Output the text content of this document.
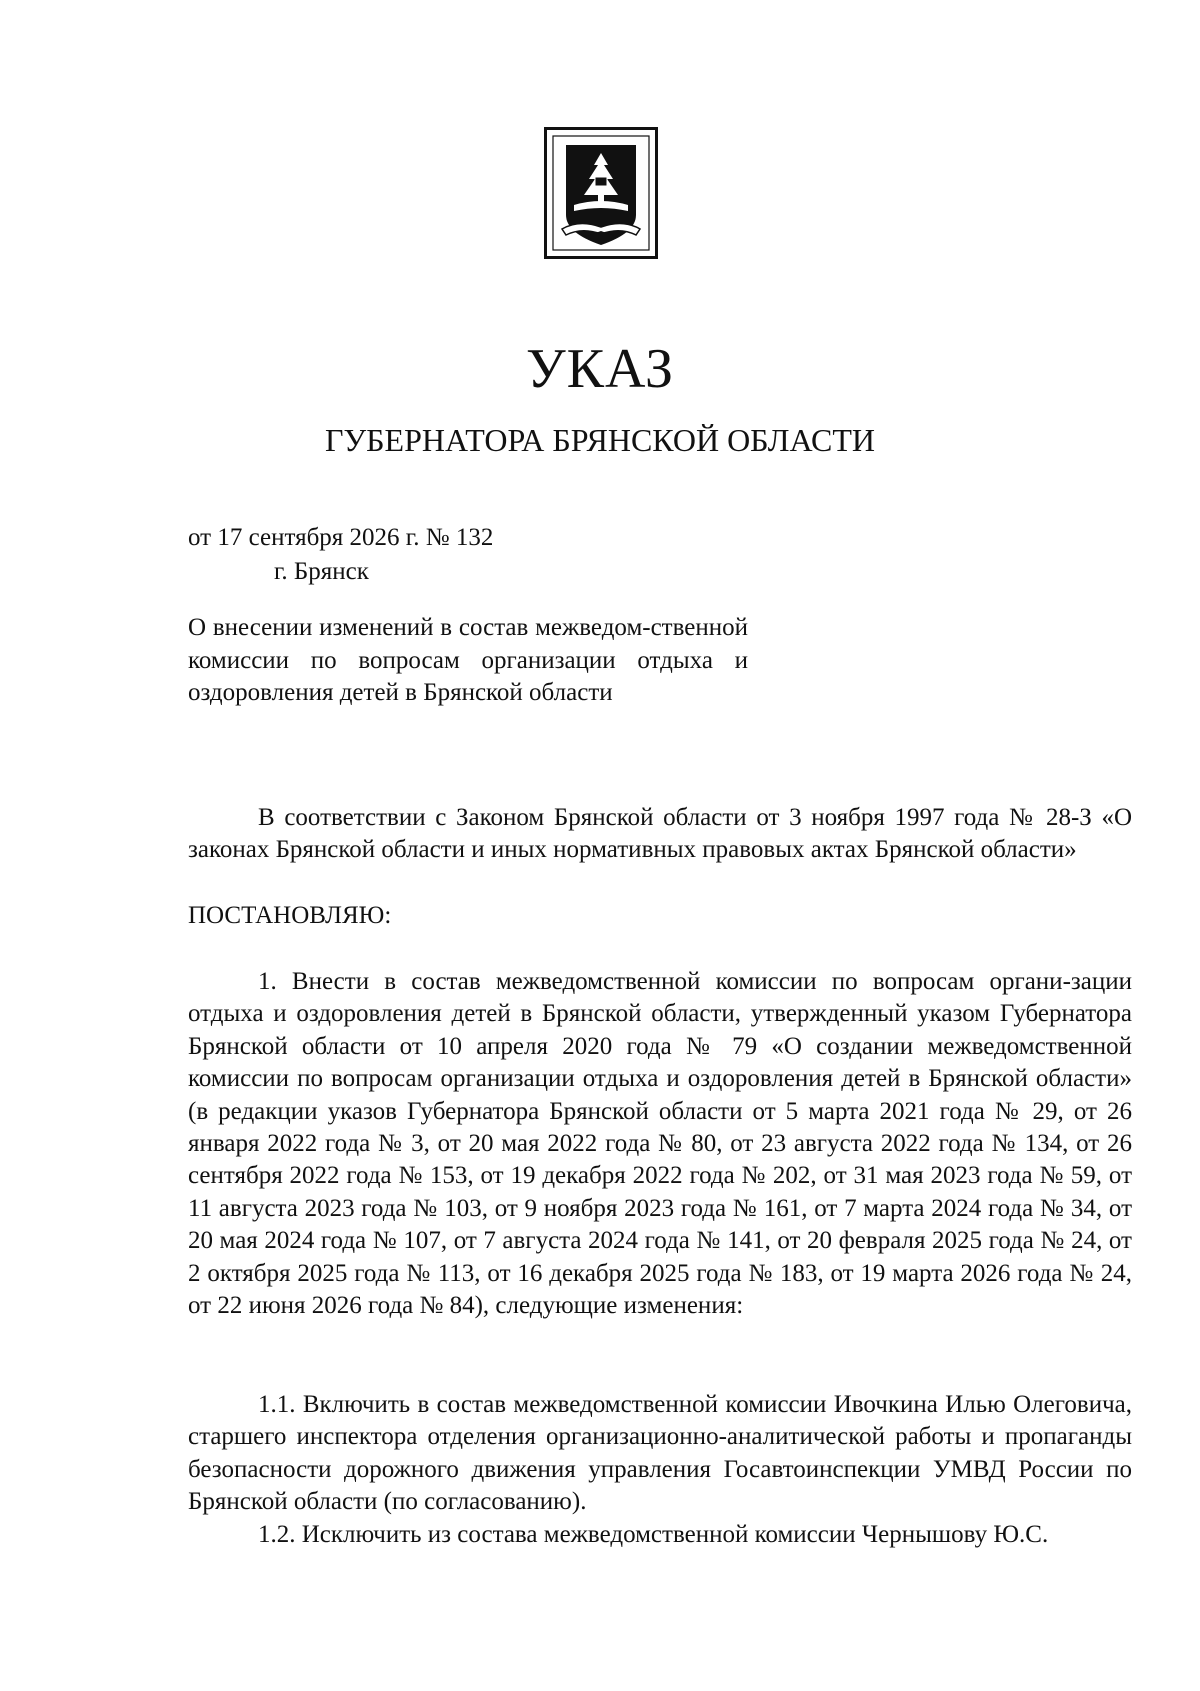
УКАЗ
ГУБЕРНАТОРА БРЯНСКОЙ ОБЛАСТИ
от 17 сентября 2026 г. № 132
г. Брянск
О внесении изменений в состав межведом-ственной комиссии по вопросам организации отдыха и оздоровления детей в Брянской области
В соответствии с Законом Брянской области от 3 ноября 1997 года № 28-З «О законах Брянской области и иных нормативных правовых актах Брянской области»
ПОСТАНОВЛЯЮ:
1. Внести в состав межведомственной комиссии по вопросам органи-зации отдыха и оздоровления детей в Брянской области, утвержденный указом Губернатора Брянской области от 10 апреля 2020 года № 79 «О создании межведомственной комиссии по вопросам организации отдыха и оздоровления детей в Брянской области» (в редакции указов Губернатора Брянской области от 5 марта 2021 года № 29, от 26 января 2022 года № 3, от 20 мая 2022 года № 80, от 23 августа 2022 года № 134, от 26 сентября 2022 года № 153, от 19 декабря 2022 года № 202, от 31 мая 2023 года № 59, от 11 августа 2023 года № 103, от 9 ноября 2023 года № 161, от 7 марта 2024 года № 34, от 20 мая 2024 года № 107, от 7 августа 2024 года № 141, от 20 февраля 2025 года № 24, от 2 октября 2025 года № 113, от 16 декабря 2025 года № 183, от 19 марта 2026 года № 24, от 22 июня 2026 года № 84), следующие изменения:
1.1. Включить в состав межведомственной комиссии Ивочкина Илью Олеговича, старшего инспектора отделения организационно-аналитической работы и пропаганды безопасности дорожного движения управления Госавтоинспекции УМВД России по Брянской области (по согласованию).
1.2. Исключить из состава межведомственной комиссии Чернышову Ю.С.
